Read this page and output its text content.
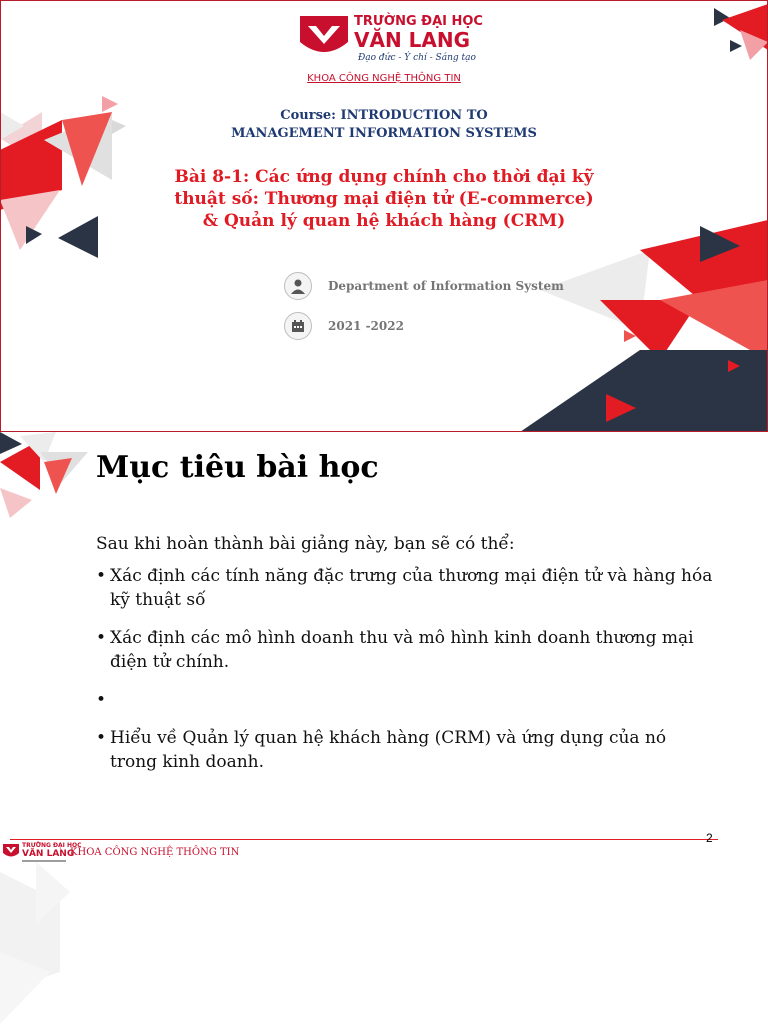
TRƯỜNG ĐẠI HỌC
VĂN LANG
Đạo đức - Ý chí - Sáng tạo
KHOA CÔNG NGHỆ THÔNG TIN
Course: INTRODUCTION TO
MANAGEMENT INFORMATION SYSTEMS
Bài 8-1: Các ứng dụng chính cho thời đại kỹ
thuật số: Thương mại điện tử (E-commerce)
& Quản lý quan hệ khách hàng (CRM)
Department of Information System
2021 -2022
Mục tiêu bài học
Sau khi hoàn thành bài giảng này, bạn sẽ có thể:
• Xác định các tính năng đặc trưng của thương mại điện tử và hàng hóa kỹ thuật số
• Xác định các mô hình doanh thu và mô hình kinh doanh thương mại điện tử chính.
•
• Hiểu về Quản lý quan hệ khách hàng (CRM) và ứng dụng của nó trong kinh doanh.
2
TRƯỜNG ĐẠI HỌC
VĂN LANG
KHOA CÔNG NGHỆ THÔNG TIN
